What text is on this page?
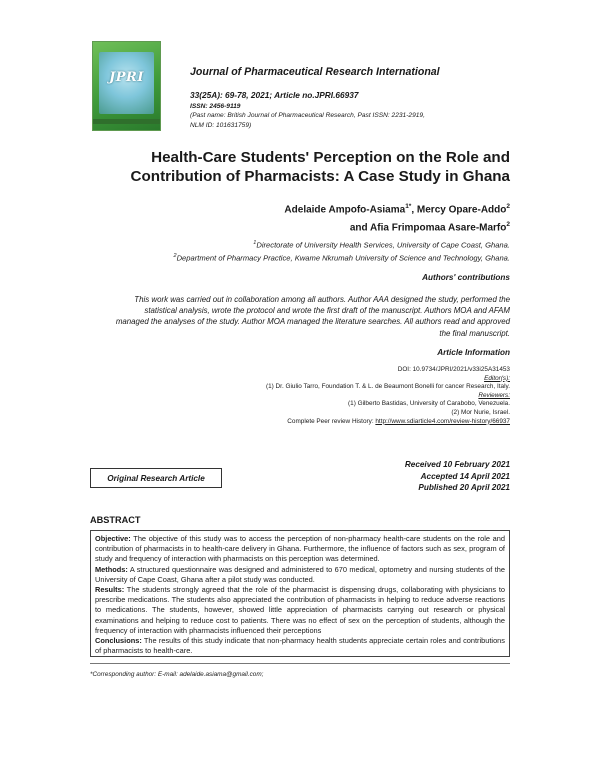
JPRI	Journal of Pharmaceutical Research International
33(25A): 69-78, 2021; Article no.JPRI.66937
ISSN: 2456-9119
(Past name: British Journal of Pharmaceutical Research, Past ISSN: 2231-2919,
NLM ID: 101631759)
Health-Care Students' Perception on the Role and
Contribution of Pharmacists: A Case Study in Ghana
Adelaide Ampofo-Asiama$^{1*}$, Mercy Opare-Addo$^2$
and Afia Frimpomaa Asare-Marfo$^2$
$^1$Directorate of University Health Services, University of Cape Coast, Ghana.
$^2$Department of Pharmacy Practice, Kwame Nkrumah University of Science and Technology, Ghana.
Authors' contributions
This work was carried out in collaboration among all authors. Author AAA designed the study, performed the statistical analysis, wrote the protocol and wrote the first draft of the manuscript. Authors MOA and AFAM managed the analyses of the study. Author MOA managed the literature searches. All authors read and approved the final manuscript.
Article Information
DOI: 10.9734/JPRI/2021/v33i25A31453
Editor(s):
(1) Dr. Giulio Tarro, Foundation T. & L. de Beaumont Bonelli for cancer Research, Italy.
Reviewers:
(1) Gilberto Bastidas, University of Carabobo, Venezuela.
(2) Mor Nurie, Israel.
Complete Peer review History: http://www.sdiarticle4.com/review-history/66937
Original Research Article
Received 10 February 2021
Accepted 14 April 2021
Published 20 April 2021
ABSTRACT

Objective: The objective of this study was to access the perception of non-pharmacy health-care students on the role and contribution of pharmacists in to health-care delivery in Ghana. Furthermore, the influence of factors such as sex, program of study and frequency of interaction with pharmacists on this perception was determined.

Methods: A structured questionnaire was designed and administered to 670 medical, optometry and nursing students of the University of Cape Coast, Ghana after a pilot study was conducted.

Results: The students strongly agreed that the role of the pharmacist is dispensing drugs, collaborating with physicians to prescribe medications. The students also appreciated the contribution of pharmacists in helping to reduce adverse reactions to medications. The students, however, showed little appreciation of pharmacists carrying out research or physical examinations and helping to reduce cost to patients. There was no effect of sex on the perception of students, although the frequency of interaction with pharmacists influenced their perceptions

Conclusions: The results of this study indicate that non-pharmacy health students appreciate certain roles and contributions of pharmacists to health-care.

*Corresponding author: E-mail: adelaide.asiama@gmail.com;
